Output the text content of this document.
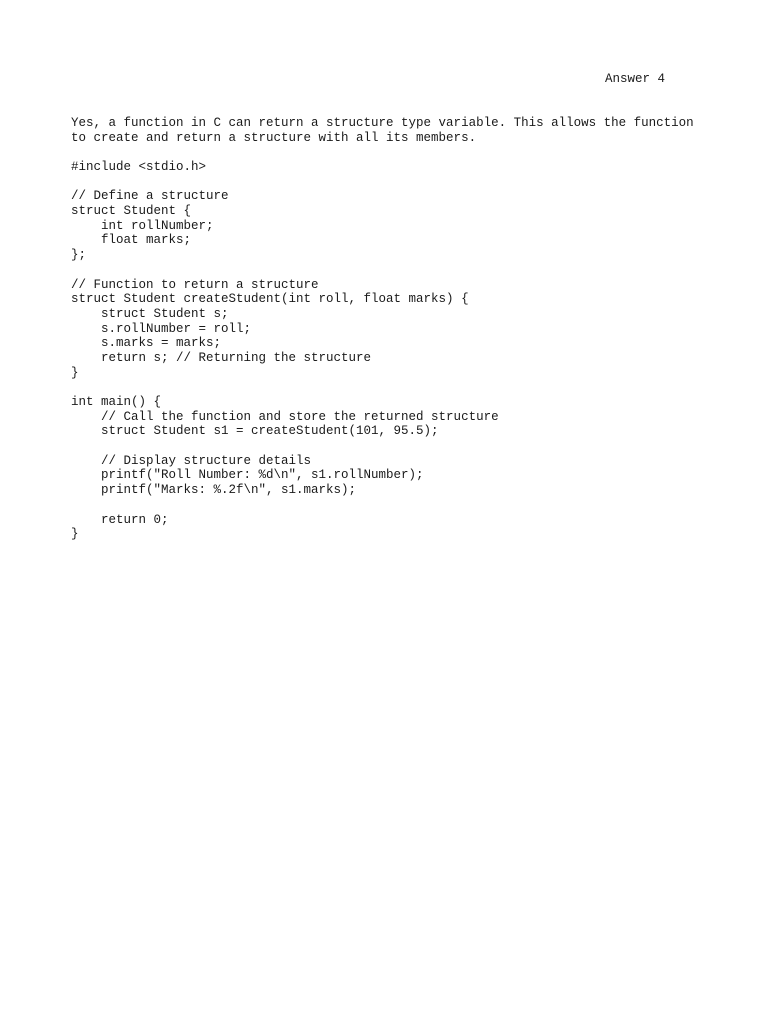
Answer 4
Yes, a function in C can return a structure type variable. This allows the function
to create and return a structure with all its members.
#include <stdio.h>
// Define a structure
struct Student {
int rollNumber;
float marks;
};
// Function to return a structure
struct Student createStudent(int roll, float marks) {
struct Student s;
s.rollNumber = roll;
s.marks = marks;
return s; // Returning the structure
}
int main() {
// Call the function and store the returned structure
struct Student s1 = createStudent(101, 95.5);
// Display structure details
printf("Roll Number: %d\n", s1.rollNumber);
printf("Marks: %.2f\n", s1.marks);
return 0;
}
